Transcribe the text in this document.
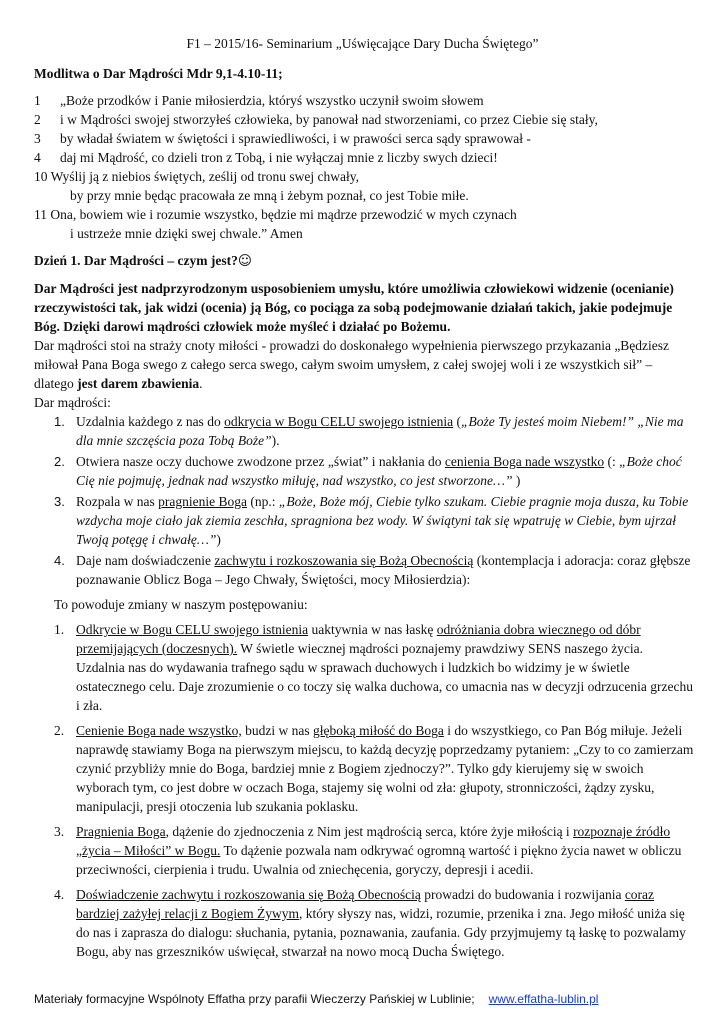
F1 – 2015/16- Seminarium „Uświęcające Dary Ducha Świętego”

Modlitwa o Dar Mądrości Mdr 9,1-4.10-11;

1 „Boże przodków i Panie miłosierdzia, któryś wszystko uczynił swoim słowem

2 i w Mądrości swojej stworzyłeś człowieka, by panował nad stworzeniami, co przez Ciebie się stały,

3 by władał światem w świętości i sprawiedliwości, i w prawości serca sądy sprawował -

4 daj mi Mądrość, co dzieli tron z Tobą, i nie wyłączaj mnie z liczby swych dzieci!

10 Wyślij ją z niebios świętych, ześlij od tronu swej chwały,

by przy mnie będąc pracowała ze mną i żebym poznał, co jest Tobie miłe.

11 Ona, bowiem wie i rozumie wszystko, będzie mi mądrze przewodzić w mych czynach

i ustrzeże mnie dzięki swej chwale.” Amen

Dzień 1. Dar Mądrości – czym jest?☺

Dar Mądrości jest nadprzyrodzonym usposobieniem umysłu, które umożliwia człowiekowi widzenie (ocenianie) rzeczywistości tak, jak widzi (ocenia) ją Bóg, co pociąga za sobą podejmowanie działań takich, jakie podejmuje Bóg. Dzięki darowi mądrości człowiek może myśleć i działać po Bożemu.

Dar mądrości stoi na straży cnoty miłości - prowadzi do doskonałego wypełnienia pierwszego przykazania „Będziesz miłował Pana Boga swego z całego serca swego, całym swoim umysłem, z całej swojej woli i ze wszystkich sił” – dlatego jest darem zbawienia.

Dar mądrości:

1. Uzdalnia każdego z nas do odkrycia w Bogu CELU swojego istnienia („Boże Ty jesteś moim Niebem!” „Nie ma dla mnie szczęścia poza Tobą Boże”).
2. Otwiera nasze oczy duchowe zwodzone przez „świat” i nakłania do cenienia Boga nade wszystko (: „Boże choć Cię nie pojmuję, jednak nad wszystko miłuję, nad wszystko, co jest stworzone…” )
3. Rozpala w nas pragnienie Boga (np.: „Boże, Boże mój, Ciebie tylko szukam. Ciebie pragnie moja dusza, ku Tobie wzdycha moje ciało jak ziemia zeschła, spragniona bez wody. W świątyni tak się wpatruję w Ciebie, bym ujrzał Twoją potęgę i chwałę…”)
4. Daje nam doświadczenie zachwytu i rozkoszowania się Bożą Obecnością (kontemplacja i adoracja: coraz głębsze poznawanie Oblicz Boga – Jego Chwały, Świętości, mocy Miłosierdzia):

To powoduje zmiany w naszym postępowaniu:

1. Odkrycie w Bogu CELU swojego istnienia uaktywnia w nas łaskę odróżniania dobra wiecznego od dóbr przemijających (doczesnych). W świetle wiecznej mądrości poznajemy prawdziwy SENS naszego życia. Uzdalnia nas do wydawania trafnego sądu w sprawach duchowych i ludzkich bo widzimy je w świetle ostatecznego celu. Daje zrozumienie o co toczy się walka duchowa, co umacnia nas w decyzji odrzucenia grzechu i zła.
2. Cenienie Boga nade wszystko, budzi w nas głęboką miłość do Boga i do wszystkiego, co Pan Bóg miłuje. Jeżeli naprawdę stawiamy Boga na pierwszym miejscu, to każdą decyzję poprzedzamy pytaniem: „Czy to co zamierzam czynić przybliży mnie do Boga, bardziej mnie z Bogiem zjednoczy?”. Tylko gdy kierujemy się w swoich wyborach tym, co jest dobre w oczach Boga, stajemy się wolni od zła: głupoty, stronniczości, żądzy zysku, manipulacji, presji otoczenia lub szukania poklasku.
3. Pragnienia Boga, dążenie do zjednoczenia z Nim jest mądrością serca, które żyje miłością i rozpoznaje źródło „życia – Miłości” w Bogu. To dążenie pozwala nam odkrywać ogromną wartość i piękno życia nawet w obliczu przeciwności, cierpienia i trudu. Uwalnia od zniechęcenia, goryczy, depresji i acedii.
4. Doświadczenie zachwytu i rozkoszowania się Bożą Obecnością prowadzi do budowania i rozwijania coraz bardziej zażyłej relacji z Bogiem Żywym, który słyszy nas, widzi, rozumie, przenika i zna. Jego miłość uniża się do nas i zaprasza do dialogu: słuchania, pytania, poznawania, zaufania. Gdy przyjmujemy tą łaskę to pozwalamy Bogu, aby nas grzeszników uświęcał, stwarzał na nowo mocą Ducha Świętego.
Materiały formacyjne Wspólnoty Effatha przy parafii Wieczerzy Pańskiej w Lublinie; www.effatha-lublin.pl
